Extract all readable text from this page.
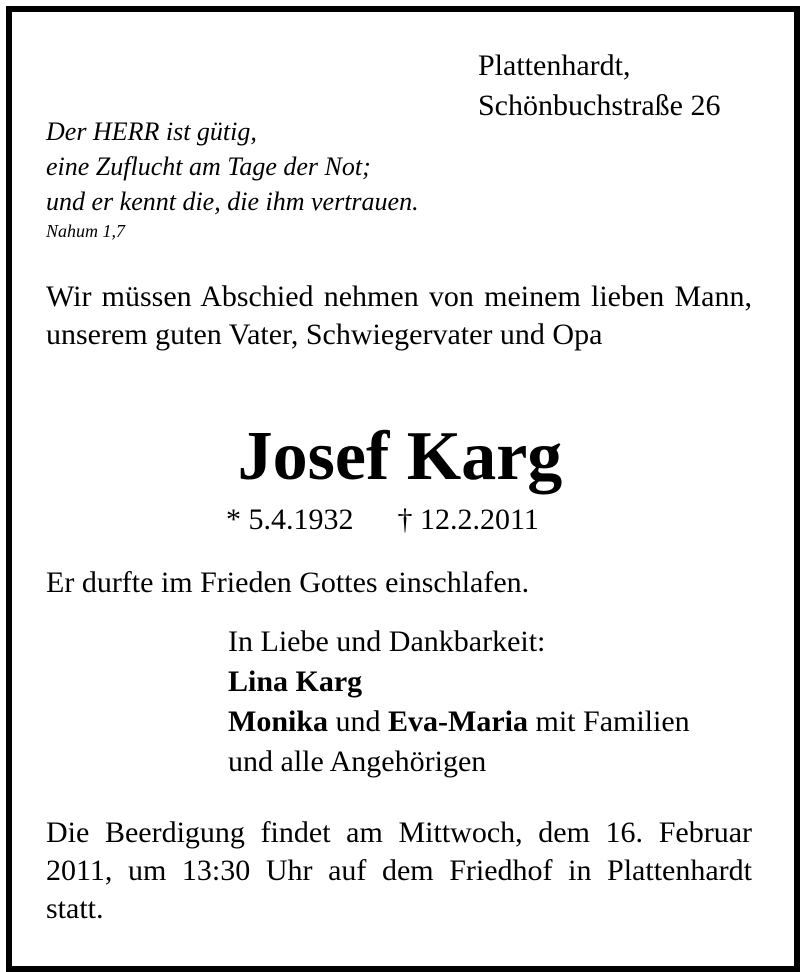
Plattenhardt,
Schönbuchstraße 26
Der HERR ist gütig,
eine Zuflucht am Tage der Not;
und er kennt die, die ihm vertrauen.
Nahum 1,7

Wir müssen Abschied nehmen von meinem lieben Mann, unserem guten Vater, Schwiegervater und Opa

Josef Karg
* 5.4.1932 † 12.2.2011
Er durfte im Frieden Gottes einschlafen.
In Liebe und Dankbarkeit:
Lina Karg
Monika und Eva-Maria mit Familien
und alle Angehörigen

Die Beerdigung findet am Mittwoch, dem 16. Februar 2011, um 13:30 Uhr auf dem Friedhof in Plattenhardt statt.
